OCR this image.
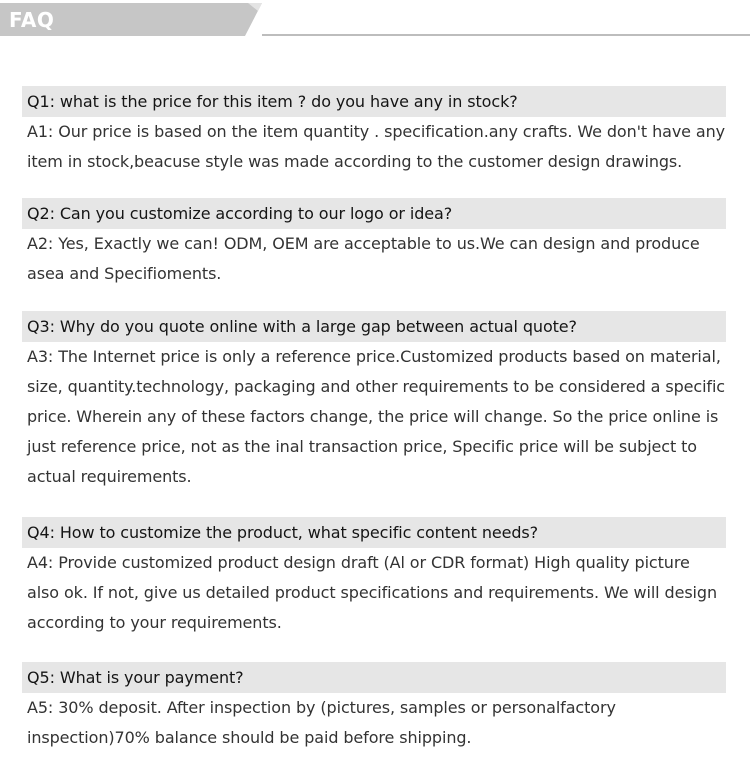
FAQ
Q1: what is the price for this item ? do you have any in stock?
A1: Our price is based on the item quantity . specification.any crafts. We don't have any item in stock,beacuse style was made according to the customer design drawings.
Q2: Can you customize according to our logo or idea?
A2: Yes, Exactly we can! ODM, OEM are acceptable to us.We can design and produce asea and Specifioments.
Q3: Why do you quote online with a large gap between actual quote?
A3: The Internet price is only a reference price.Customized products based on material, size, quantity.technology, packaging and other requirements to be considered a specific price. Wherein any of these factors change, the price will change. So the price online is just reference price, not as the inal transaction price, Specific price will be subject to actual requirements.
Q4: How to customize the product, what specific content needs?
A4: Provide customized product design draft (Al or CDR format) High quality picture also ok. If not, give us detailed product specifications and requirements. We will design according to your requirements.
Q5: What is your payment?
A5: 30% deposit. After inspection by (pictures, samples or personalfactory inspection)70% balance should be paid before shipping.
